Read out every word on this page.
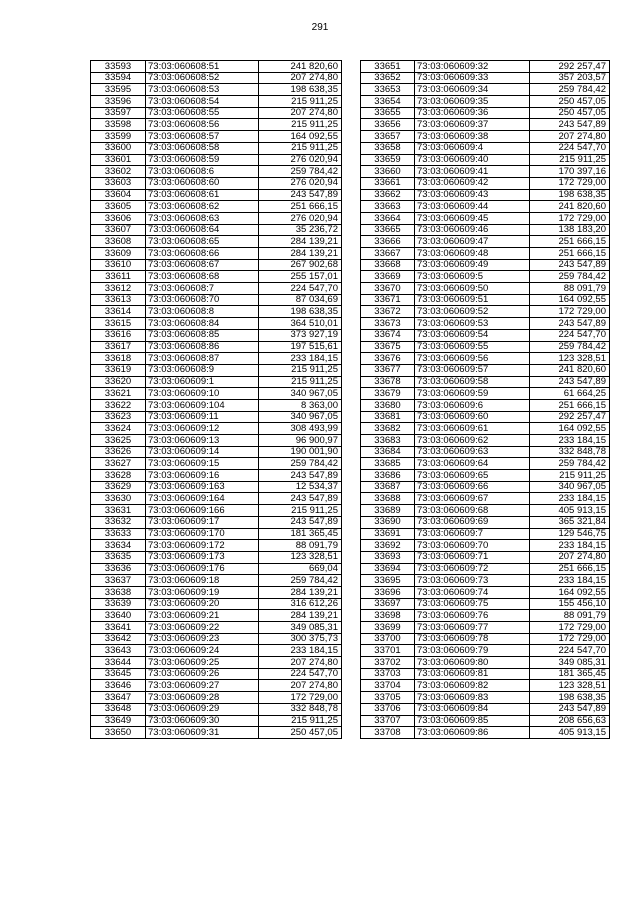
291
33593	73:03:060608:51	241 820,60
33594	73:03:060608:52	207 274,80
33595	73:03:060608:53	198 638,35
33596	73:03:060608:54	215 911,25
33597	73:03:060608:55	207 274,80
33598	73:03:060608:56	215 911,25
33599	73:03:060608:57	164 092,55
33600	73:03:060608:58	215 911,25
33601	73:03:060608:59	276 020,94
33602	73:03:060608:6	259 784,42
33603	73:03:060608:60	276 020,94
33604	73:03:060608:61	243 547,89
33605	73:03:060608:62	251 666,15
33606	73:03:060608:63	276 020,94
33607	73:03:060608:64	35 236,72
33608	73:03:060608:65	284 139,21
33609	73:03:060608:66	284 139,21
33610	73:03:060608:67	267 902,68
33611	73:03:060608:68	255 157,01
33612	73:03:060608:7	224 547,70
33613	73:03:060608:70	87 034,69
33614	73:03:060608:8	198 638,35
33615	73:03:060608:84	364 510,01
33616	73:03:060608:85	373 927,19
33617	73:03:060608:86	197 515,61
33618	73:03:060608:87	233 184,15
33619	73:03:060608:9	215 911,25
33620	73:03:060609:1	215 911,25
33621	73:03:060609:10	340 967,05
33622	73:03:060609:104	8 363,00
33623	73:03:060609:11	340 967,05
33624	73:03:060609:12	308 493,99
33625	73:03:060609:13	96 900,97
33626	73:03:060609:14	190 001,90
33627	73:03:060609:15	259 784,42
33628	73:03:060609:16	243 547,89
33629	73:03:060609:163	12 534,37
33630	73:03:060609:164	243 547,89
33631	73:03:060609:166	215 911,25
33632	73:03:060609:17	243 547,89
33633	73:03:060609:170	181 365,45
33634	73:03:060609:172	88 091,79
33635	73:03:060609:173	123 328,51
33636	73:03:060609:176	669,04
33637	73:03:060609:18	259 784,42
33638	73:03:060609:19	284 139,21
33639	73:03:060609:20	316 612,26
33640	73:03:060609:21	284 139,21
33641	73:03:060609:22	349 085,31
33642	73:03:060609:23	300 375,73
33643	73:03:060609:24	233 184,15
33644	73:03:060609:25	207 274,80
33645	73:03:060609:26	224 547,70
33646	73:03:060609:27	207 274,80
33647	73:03:060609:28	172 729,00
33648	73:03:060609:29	332 848,78
33649	73:03:060609:30	215 911,25
33650	73:03:060609:31	250 457,05
33651	73:03:060609:32	292 257,47
33652	73:03:060609:33	357 203,57
33653	73:03:060609:34	259 784,42
33654	73:03:060609:35	250 457,05
33655	73:03:060609:36	250 457,05
33656	73:03:060609:37	243 547,89
33657	73:03:060609:38	207 274,80
33658	73:03:060609:4	224 547,70
33659	73:03:060609:40	215 911,25
33660	73:03:060609:41	170 397,16
33661	73:03:060609:42	172 729,00
33662	73:03:060609:43	198 638,35
33663	73:03:060609:44	241 820,60
33664	73:03:060609:45	172 729,00
33665	73:03:060609:46	138 183,20
33666	73:03:060609:47	251 666,15
33667	73:03:060609:48	251 666,15
33668	73:03:060609:49	243 547,89
33669	73:03:060609:5	259 784,42
33670	73:03:060609:50	88 091,79
33671	73:03:060609:51	164 092,55
33672	73:03:060609:52	172 729,00
33673	73:03:060609:53	243 547,89
33674	73:03:060609:54	224 547,70
33675	73:03:060609:55	259 784,42
33676	73:03:060609:56	123 328,51
33677	73:03:060609:57	241 820,60
33678	73:03:060609:58	243 547,89
33679	73:03:060609:59	61 664,25
33680	73:03:060609:6	251 666,15
33681	73:03:060609:60	292 257,47
33682	73:03:060609:61	164 092,55
33683	73:03:060609:62	233 184,15
33684	73:03:060609:63	332 848,78
33685	73:03:060609:64	259 784,42
33686	73:03:060609:65	215 911,25
33687	73:03:060609:66	340 967,05
33688	73:03:060609:67	233 184,15
33689	73:03:060609:68	405 913,15
33690	73:03:060609:69	365 321,84
33691	73:03:060609:7	129 546,75
33692	73:03:060609:70	233 184,15
33693	73:03:060609:71	207 274,80
33694	73:03:060609:72	251 666,15
33695	73:03:060609:73	233 184,15
33696	73:03:060609:74	164 092,55
33697	73:03:060609:75	155 456,10
33698	73:03:060609:76	88 091,79
33699	73:03:060609:77	172 729,00
33700	73:03:060609:78	172 729,00
33701	73:03:060609:79	224 547,70
33702	73:03:060609:80	349 085,31
33703	73:03:060609:81	181 365,45
33704	73:03:060609:82	123 328,51
33705	73:03:060609:83	198 638,35
33706	73:03:060609:84	243 547,89
33707	73:03:060609:85	208 656,63
33708	73:03:060609:86	405 913,15
